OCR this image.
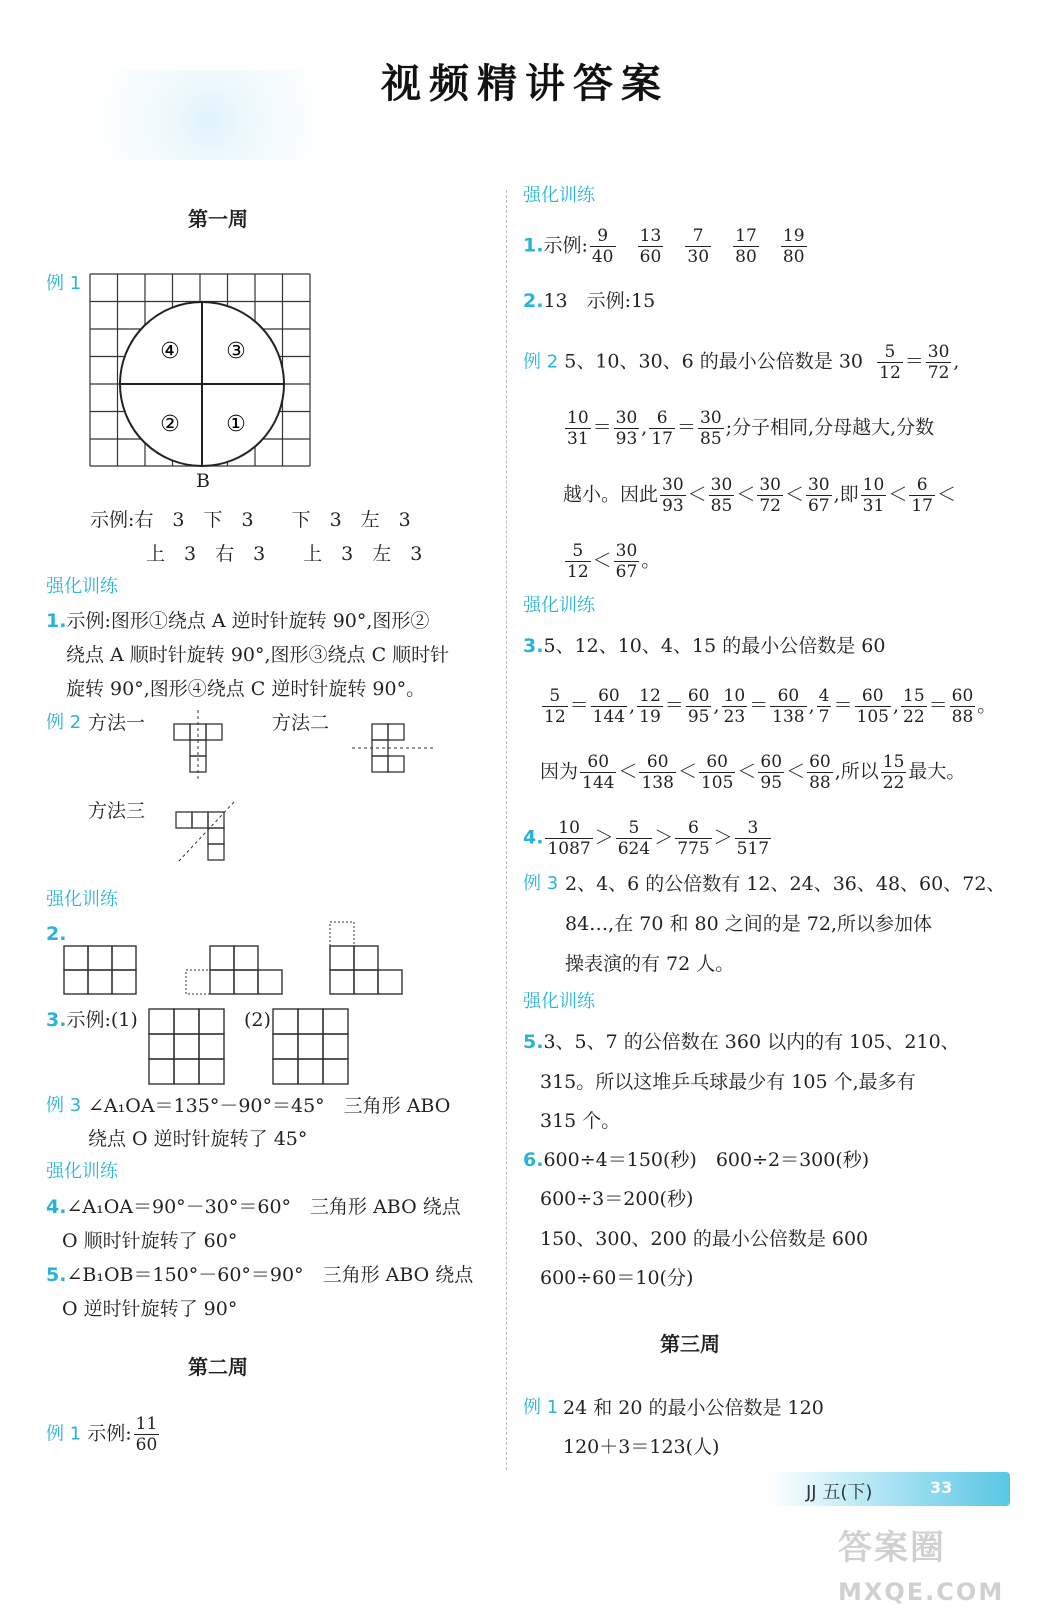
视频精讲答案
第一周
例 1
④ ③
② ①
B
示例:右　3　下　3　　下　3　左　3
上　3　右　3　　上　3　左　3
强化训练
1.示例:图形①绕点 A 逆时针旋转 90°,图形②
绕点 A 顺时针旋转 90°,图形③绕点 C 顺时针
旋转 90°,图形④绕点 C 逆时针旋转 90°。
例 2 方法一	方法二
方法三
强化训练
2.
3.示例:(1)	(2)
例 3 ∠A₁OA＝135°－90°＝45°　三角形 ABO
绕点 O 逆时针旋转了 45°
强化训练
4.∠A₁OA＝90°－30°＝60°　三角形 ABO 绕点
O 顺时针旋转了 60°
5.∠B₁OB＝150°－60°＝90°　三角形 ABO 绕点
O 逆时针旋转了 90°
第二周
例 1 示例: $\frac{11}{60}$
强化训练
1.示例: $\frac{9}{40}$
$\frac{13}{60}$
$\frac{7}{30}$
$\frac{17}{80}$
$\frac{19}{80}$
2.13　示例:15
例 2 5、10、30、6 的最小公倍数是 $30 \frac{5}{12} = \frac{30}{72}$ ,
$\frac{10}{31} = \frac{30}{93}$ , $\frac{6}{17} = \frac{30}{85}$ ;分子相同,分母越大,分数
越小。因此 $\frac{30}{93} < \frac{30}{85} < \frac{30}{72} < \frac{30}{67}$ ,即 $\frac{10}{31} < \frac{6}{17}$ ＜
$\frac{5}{12} < \frac{30}{67}$ 。
强化训练
3.5、12、10、4、15 的最小公倍数是 60
$\frac{5}{12} = \frac{60}{144}$ , $\frac{12}{19} = \frac{60}{95}$ , $\frac{10}{23} = \frac{60}{138}$ , $\frac{4}{7} = \frac{60}{105}$ , $\frac{15}{22} = \frac{60}{88}$ 。
因为 $\frac{60}{144} < \frac{60}{138} < \frac{60}{105} < \frac{60}{95} < \frac{60}{88}$ ,所以 $\frac{15}{22}$ 最大。
4. $\frac{10}{1087} > \frac{5}{624} > \frac{6}{775} > \frac{3}{517}$
例 3 2、4、6 的公倍数有 12、24、36、48、60、72、
84…,在 70 和 80 之间的是 72,所以参加体
操表演的有 72 人。
强化训练
5.3、5、7 的公倍数在 360 以内的有 105、210、
315。所以这堆乒乓球最少有 105 个,最多有
315 个。
6.600÷4＝150(秒)　600÷2＝300(秒)
600÷3＝200(秒)
150、300、200 的最小公倍数是 600
600÷60＝10(分)
第三周
例 1 24 和 20 的最小公倍数是 120
120＋3＝123(人)
JJ 五(下)	33
答案圈
MXQE.COM
